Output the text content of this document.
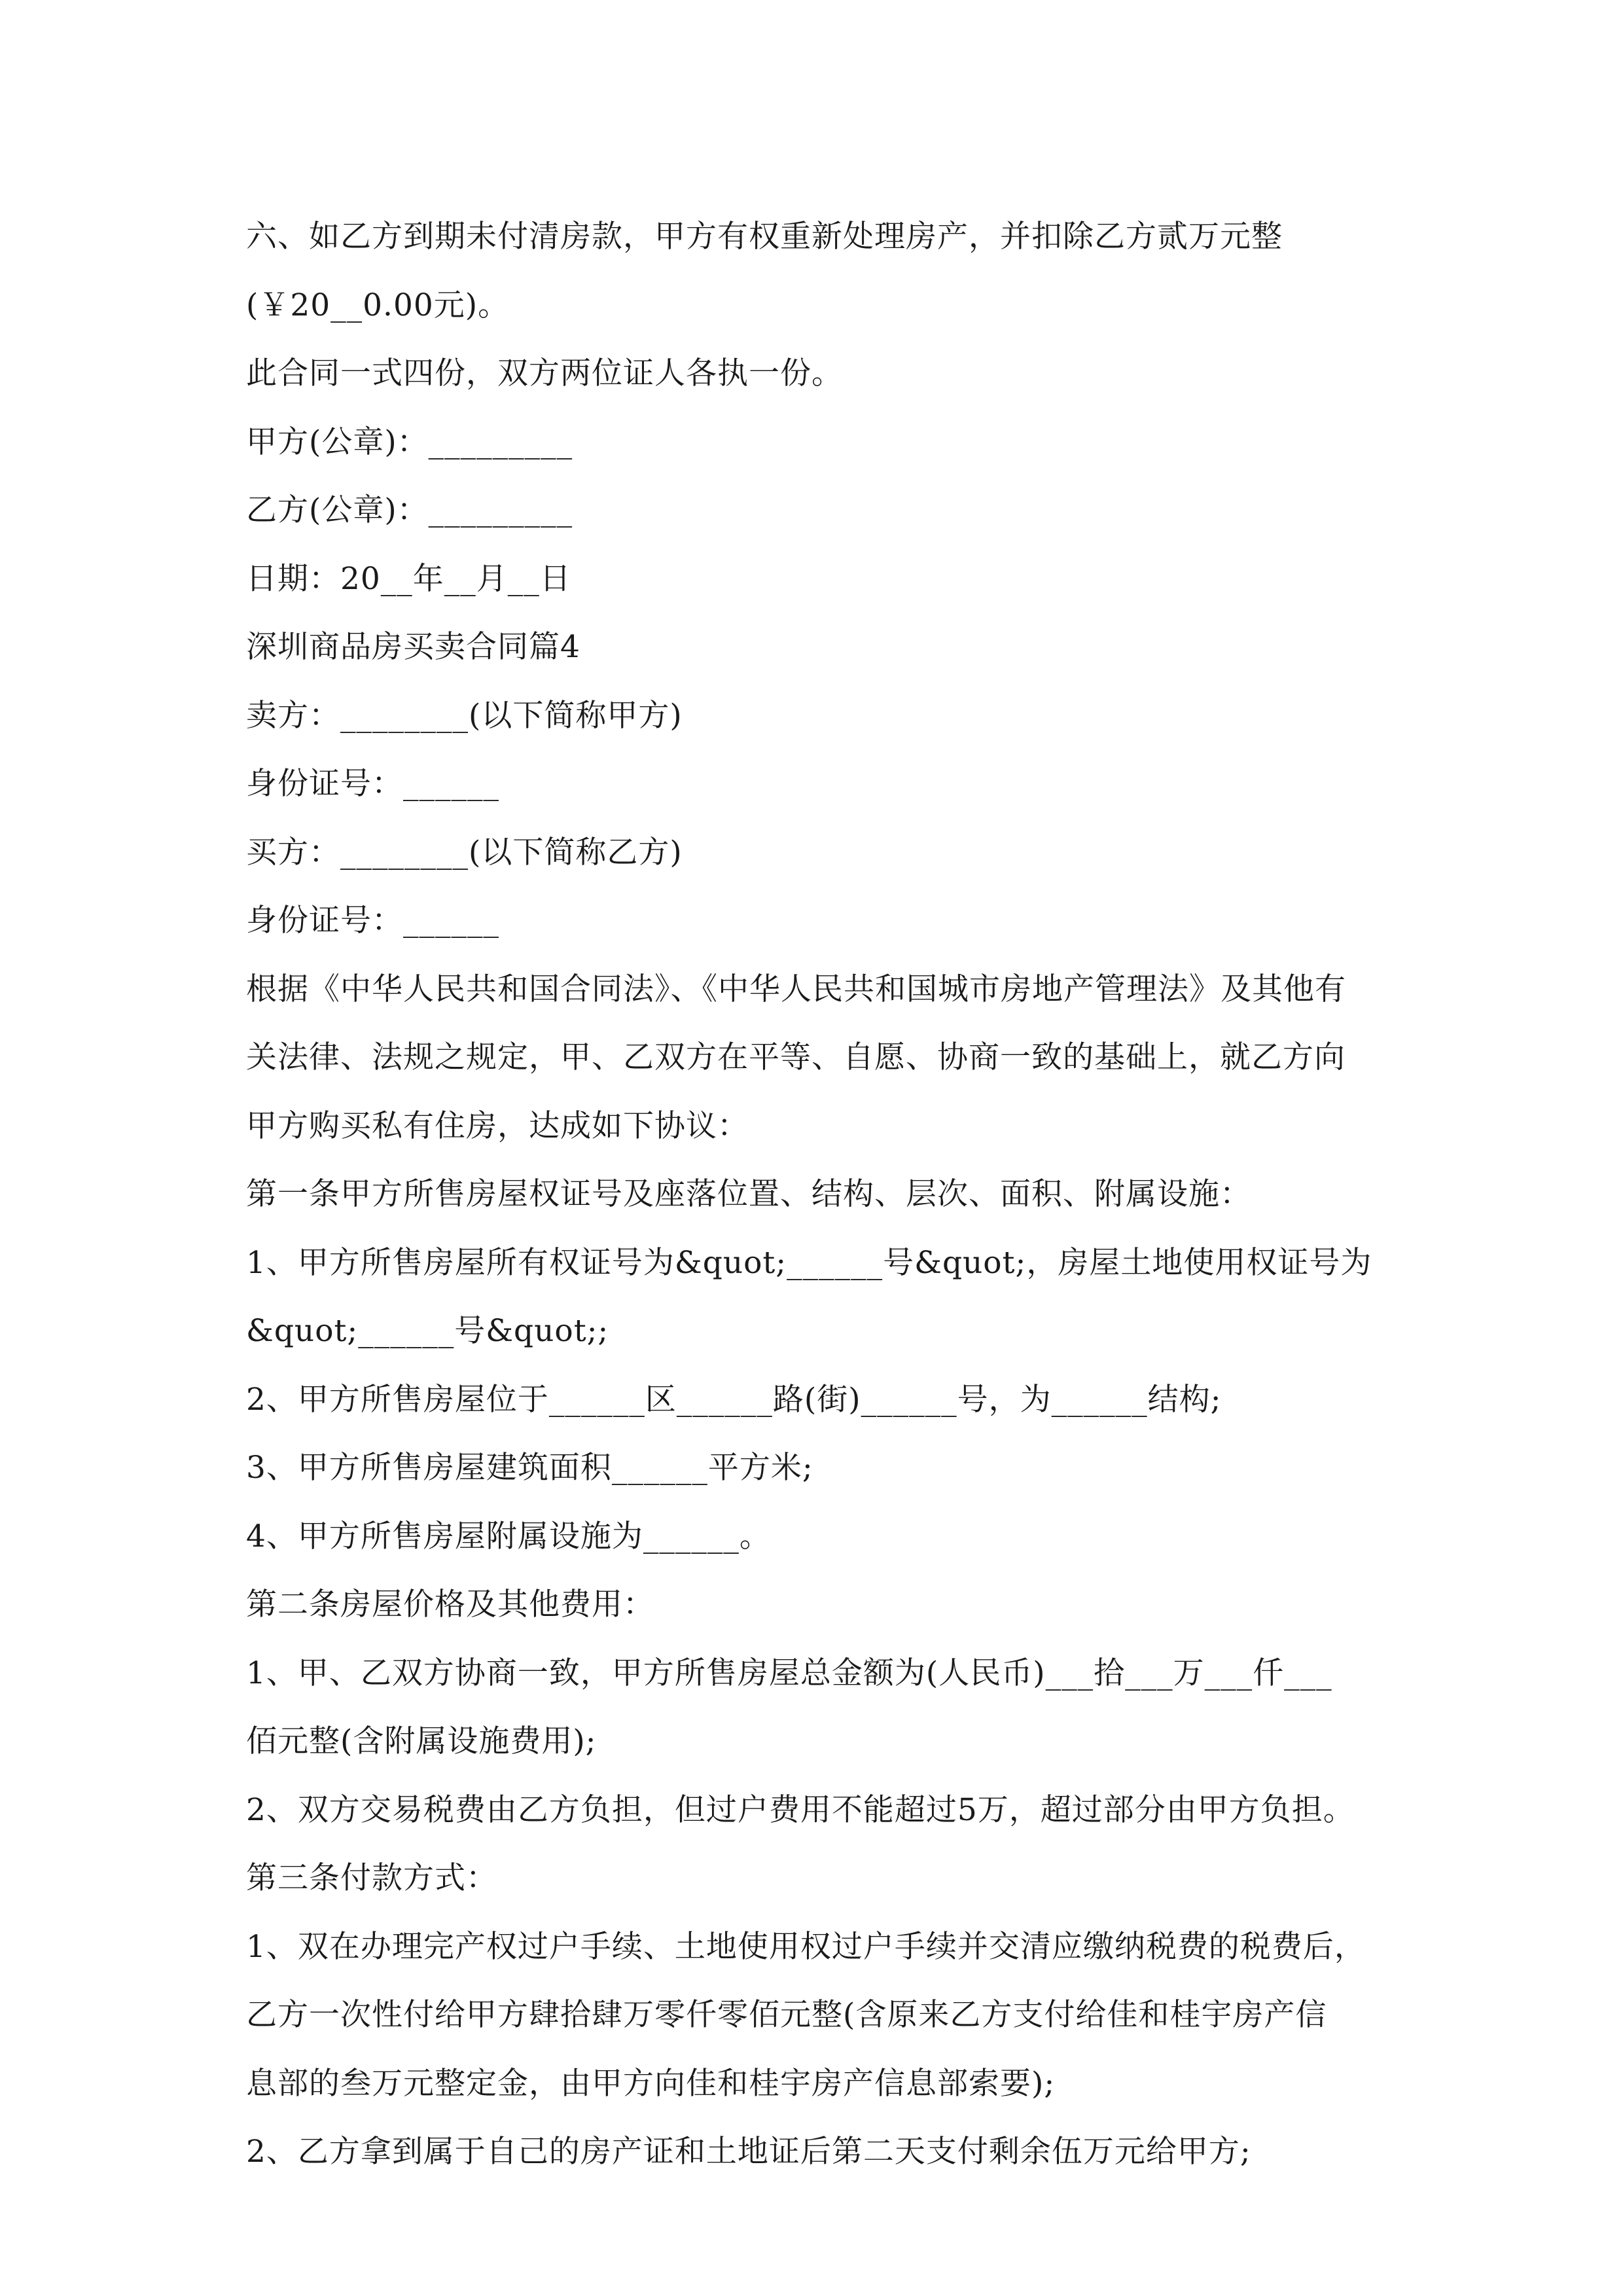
六、如乙方到期未付清房款，甲方有权重新处理房产，并扣除乙方贰万元整
(￥20__0.00元)。
此合同一式四份，双方两位证人各执一份。
甲方(公章)：_________
乙方(公章)：_________
日期：20__年__月__日
深圳商品房买卖合同篇4
卖方：________(以下简称甲方)
身份证号：______
买方：________(以下简称乙方)
身份证号：______
根据《中华人民共和国合同法》、《中华人民共和国城市房地产管理法》及其他有
关法律、法规之规定，甲、乙双方在平等、自愿、协商一致的基础上，就乙方向
甲方购买私有住房，达成如下协议：
第一条甲方所售房屋权证号及座落位置、结构、层次、面积、附属设施：
1、甲方所售房屋所有权证号为&quot;______号&quot;，房屋土地使用权证号为
&quot;______号&quot;;
2、甲方所售房屋位于______区______路(街)______号，为______结构;
3、甲方所售房屋建筑面积______平方米;
4、甲方所售房屋附属设施为______。
第二条房屋价格及其他费用：
1、甲、乙双方协商一致，甲方所售房屋总金额为(人民币)___拾___万___仟___
佰元整(含附属设施费用);
2、双方交易税费由乙方负担，但过户费用不能超过5万，超过部分由甲方负担。
第三条付款方式：
1、双在办理完产权过户手续、土地使用权过户手续并交清应缴纳税费的税费后，
乙方一次性付给甲方肆拾肆万零仟零佰元整(含原来乙方支付给佳和桂宇房产信
息部的叁万元整定金，由甲方向佳和桂宇房产信息部索要);
2、乙方拿到属于自己的房产证和土地证后第二天支付剩余伍万元给甲方;
